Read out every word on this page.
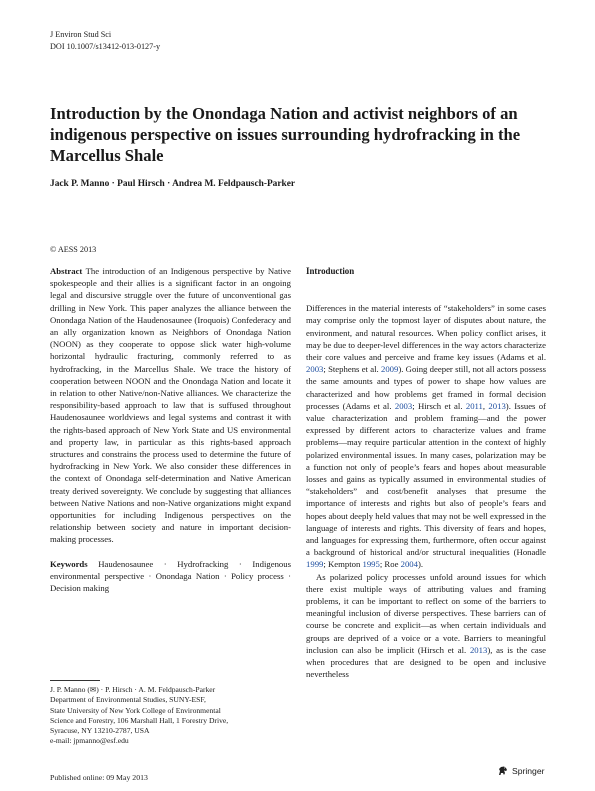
J Environ Stud Sci
DOI 10.1007/s13412-013-0127-y
Introduction by the Onondaga Nation and activist neighbors of an indigenous perspective on issues surrounding hydrofracking in the Marcellus Shale
Jack P. Manno · Paul Hirsch · Andrea M. Feldpausch-Parker
© AESS 2013

Abstract The introduction of an Indigenous perspective by Native spokespeople and their allies is a significant factor in an ongoing legal and discursive struggle over the future of unconventional gas drilling in New York. This paper analyzes the alliance between the Onondaga Nation of the Haudenosaunee (Iroquois) Confederacy and an ally organization known as Neighbors of Onondaga Nation (NOON) as they cooperate to oppose slick water high-volume horizontal hydraulic fracturing, commonly referred to as hydrofracking, in the Marcellus Shale. We trace the history of cooperation between NOON and the Onondaga Nation and locate it in relation to other Native/non-Native alliances. We characterize the responsibility-based approach to law that is suffused throughout Haudenosaunee worldviews and legal systems and contrast it with the rights-based approach of New York State and US environmental and property law, in particular as this rights-based approach structures and constrains the process used to determine the future of hydrofracking in New York. We also consider these differences in the context of Onondaga self-determination and Native American treaty derived sovereignty. We conclude by suggesting that alliances between Native Nations and non-Native organizations might expand opportunities for including Indigenous perspectives on the relationship between society and nature in important decision-making processes.

Keywords Haudenosaunee · Hydrofracking · Indigenous environmental perspective · Onondaga Nation · Policy process · Decision making

Introduction

Differences in the material interests of “stakeholders” in some cases may comprise only the topmost layer of disputes about nature, the environment, and natural resources. When policy conflict arises, it may be due to deeper-level differences in the way actors characterize their core values and perceive and frame key issues (Adams et al. 2003; Stephens et al. 2009). Going deeper still, not all actors possess the same amounts and types of power to shape how values are characterized and how problems get framed in formal decision processes (Adams et al. 2003; Hirsch et al. 2011, 2013). Issues of value characterization and problem framing—and the power expressed by different actors to characterize values and frame problems—may require particular attention in the context of highly polarized environmental issues. In many cases, polarization may be a function not only of people’s fears and hopes about measurable losses and gains as typically assumed in environmental studies of “stakeholders” and cost/benefit analyses that presume the importance of interests and rights but also of people’s fears and hopes about deeply held values that may not be well expressed in the language of interests and rights. This diversity of fears and hopes, and languages for expressing them, furthermore, often occur against a background of historical and/or structural inequalities (Honadle 1999; Kempton 1995; Roe 2004).

As polarized policy processes unfold around issues for which there exist multiple ways of attributing values and framing problems, it can be important to reflect on some of the barriers to meaningful inclusion of diverse perspectives. These barriers can of course be concrete and explicit—as when certain individuals and groups are deprived of a voice or a vote. Barriers to meaningful inclusion can also be implicit (Hirsch et al. 2013), as is the case when procedures that are designed to be open and inclusive nevertheless

J. P. Manno (✉) · P. Hirsch · A. M. Feldpausch-Parker
Department of Environmental Studies, SUNY-ESF,
State University of New York College of Environmental
Science and Forestry, 106 Marshall Hall, 1 Forestry Drive,
Syracuse, NY 13210-2787, USA
e-mail: jpmanno@esf.edu
Published online: 09 May 2013
Springer
